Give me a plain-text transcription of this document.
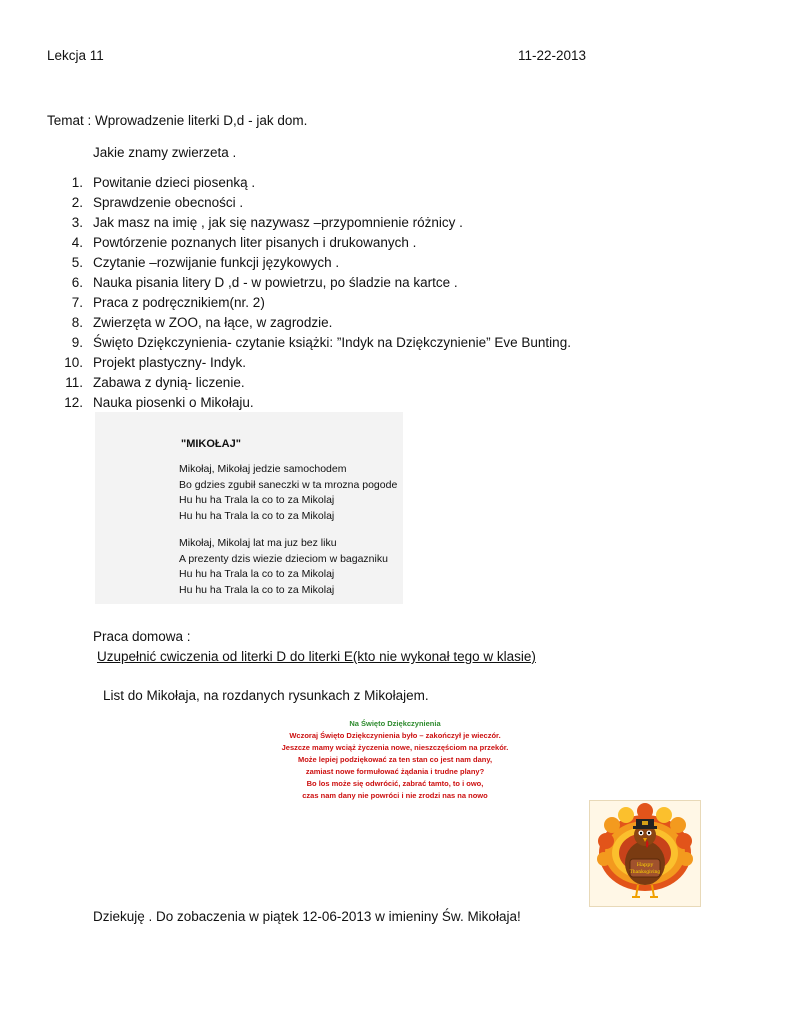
Lekcja 11	11-22-2013
Temat : Wprowadzenie literki D,d - jak dom.
Jakie znamy zwierzeta .
1. Powitanie dzieci piosenką .
2. Sprawdzenie obecności .
3. Jak masz na imię , jak się nazywasz –przypomnienie różnicy .
4. Powtórzenie poznanych liter pisanych i drukowanych .
5. Czytanie –rozwijanie funkcji językowych .
6. Nauka pisania litery D ,d - w powietrzu, po śladzie na kartce .
7. Praca z podręcznikiem(nr. 2)
8. Zwierzęta w ZOO, na łące, w zagrodzie.
9. Święto Dziękczynienia- czytanie książki: ”Indyk na Dziękczynienie” Eve Bunting.
10. Projekt plastyczny- Indyk.
11. Zabawa z dynią- liczenie.
12. Nauka piosenki o Mikołaju.
"MIKOŁAJ"
Mikołaj, Mikołaj jedzie samochodem
Bo gdzies zgubił saneczki w ta mrozna pogode
Hu hu ha Trala la co to za Mikolaj
Hu hu ha Trala la co to za Mikolaj
Mikołaj, Mikolaj lat ma juz bez liku
A prezenty dzis wiezie dzieciom w bagazniku
Hu hu ha Trala la co to za Mikolaj
Hu hu ha Trala la co to za Mikolaj
Praca domowa :
Uzupełnić cwiczenia od literki D do literki E(kto nie wykonał tego w klasie)
List do Mikołaja, na rozdanych rysunkach z Mikołajem.
Na Święto Dziękczynienia
Wczoraj Święto Dziękczynienia było – zakończył je wieczór.
Jeszcze mamy wciąż życzenia nowe, nieszczęściom na przekór.
Może lepiej podziękować za ten stan co jest nam dany,
zamiast nowe formułować żądania i trudne plany?
Bo los może się odwrócić, zabrać tamto, to i owo,
czas nam dany nie powróci i nie zrodzi nas na nowo
Happy
Thanksgiving
Dziekuję . Do zobaczenia w piątek 12-06-2013 w imieniny Św. Mikołaja!
